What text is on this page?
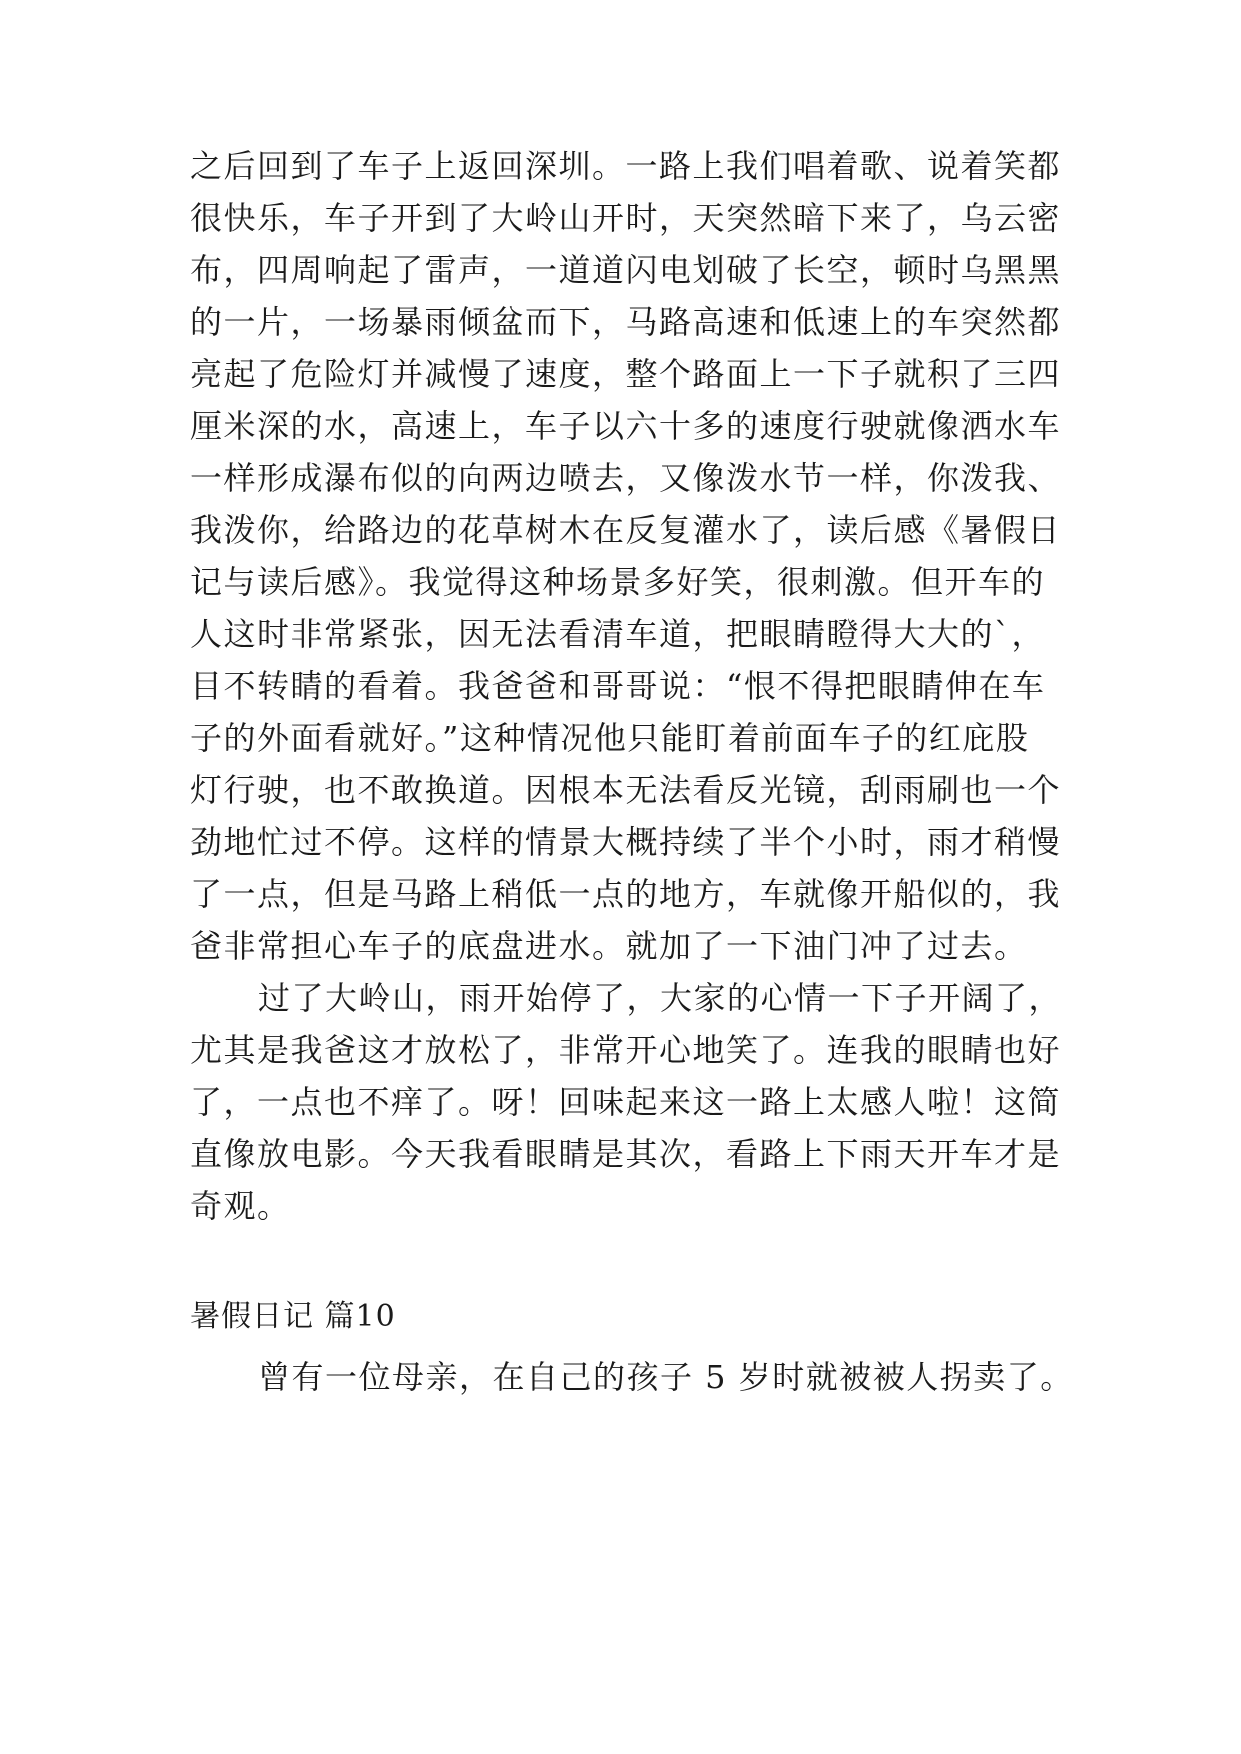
之后回到了车子上返回深圳。一路上我们唱着歌、说着笑都
很快乐，车子开到了大岭山开时，天突然暗下来了，乌云密
布，四周响起了雷声，一道道闪电划破了长空，顿时乌黑黑
的一片，一场暴雨倾盆而下，马路高速和低速上的车突然都
亮起了危险灯并减慢了速度，整个路面上一下子就积了三四
厘米深的水，高速上，车子以六十多的速度行驶就像洒水车
一样形成瀑布似的向两边喷去，又像泼水节一样，你泼我、
我泼你，给路边的花草树木在反复灌水了，读后感《暑假日
记与读后感》。我觉得这种场景多好笑，很刺激。但开车的
人这时非常紧张，因无法看清车道，把眼睛瞪得大大的`，
目不转睛的看着。我爸爸和哥哥说：“恨不得把眼睛伸在车
子的外面看就好。”这种情况他只能盯着前面车子的红庇股
灯行驶，也不敢换道。因根本无法看反光镜，刮雨刷也一个
劲地忙过不停。这样的情景大概持续了半个小时，雨才稍慢
了一点，但是马路上稍低一点的地方，车就像开船似的，我
爸非常担心车子的底盘进水。就加了一下油门冲了过去。
过了大岭山，雨开始停了，大家的心情一下子开阔了，
尤其是我爸这才放松了，非常开心地笑了。连我的眼睛也好
了，一点也不痒了。呀！回味起来这一路上太感人啦！这简
直像放电影。今天我看眼睛是其次，看路上下雨天开车才是
奇观。
暑假日记 篇10
曾有一位母亲，在自己的孩子 5 岁时就被被人拐卖了。
